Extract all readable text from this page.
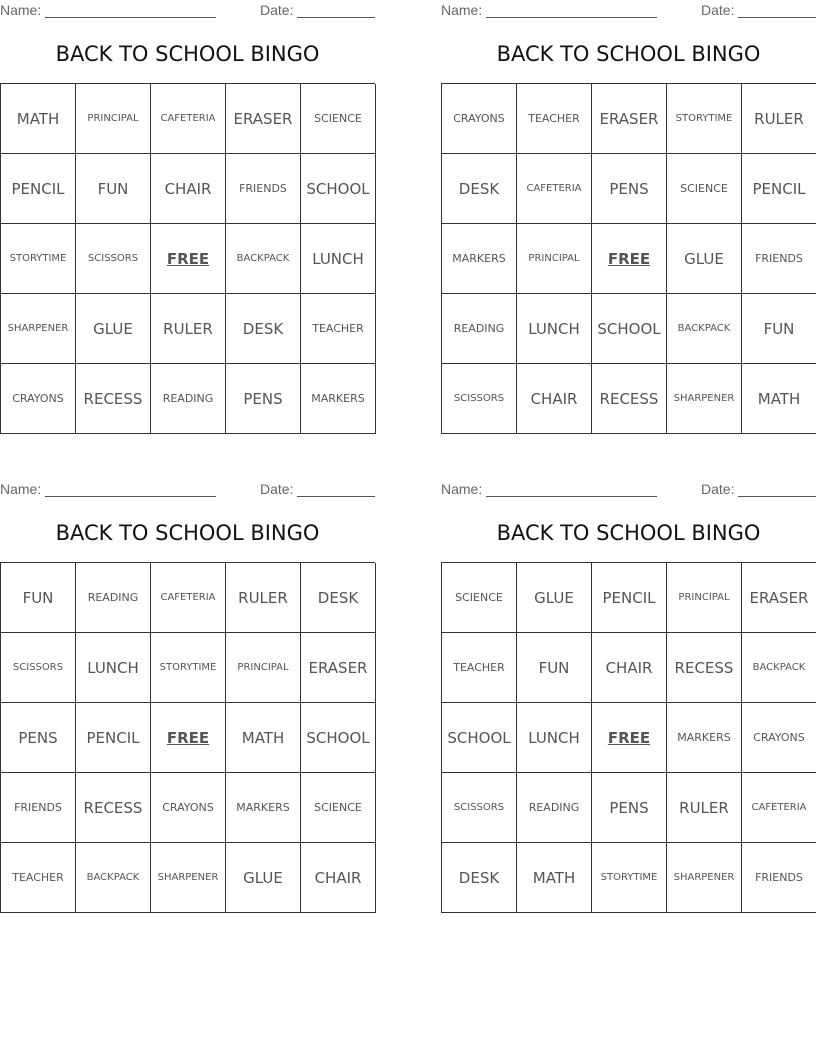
Name:	Date:
BACK TO SCHOOL BINGO
MATH	PRINCIPAL	CAFETERIA	ERASER	SCIENCE
PENCIL	FUN	CHAIR	FRIENDS	SCHOOL
STORYTIME	SCISSORS	FREE	BACKPACK	LUNCH
SHARPENER	GLUE	RULER	DESK	TEACHER
CRAYONS	RECESS	READING	PENS	MARKERS
Name:	Date:
BACK TO SCHOOL BINGO
CRAYONS	TEACHER	ERASER	STORYTIME	RULER
DESK	CAFETERIA	PENS	SCIENCE	PENCIL
MARKERS	PRINCIPAL	FREE	GLUE	FRIENDS
READING	LUNCH	SCHOOL	BACKPACK	FUN
SCISSORS	CHAIR	RECESS	SHARPENER	MATH
Name:	Date:
BACK TO SCHOOL BINGO
FUN	READING	CAFETERIA	RULER	DESK
SCISSORS	LUNCH	STORYTIME	PRINCIPAL	ERASER
PENS	PENCIL	FREE	MATH	SCHOOL
FRIENDS	RECESS	CRAYONS	MARKERS	SCIENCE
TEACHER	BACKPACK	SHARPENER	GLUE	CHAIR
Name:	Date:
BACK TO SCHOOL BINGO
SCIENCE	GLUE	PENCIL	PRINCIPAL	ERASER
TEACHER	FUN	CHAIR	RECESS	BACKPACK
SCHOOL	LUNCH	FREE	MARKERS	CRAYONS
SCISSORS	READING	PENS	RULER	CAFETERIA
DESK	MATH	STORYTIME	SHARPENER	FRIENDS
